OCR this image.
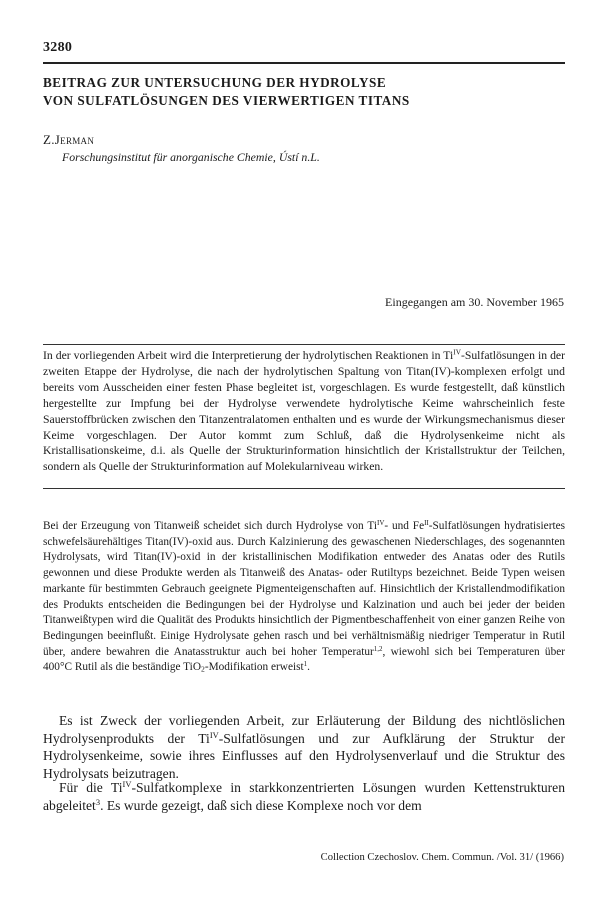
3280
BEITRAG ZUR UNTERSUCHUNG DER HYDROLYSE
VON SULFATLÖSUNGEN DES VIERWERTIGEN TITANS
Z.Jerman
Forschungsinstitut für anorganische Chemie, Ústí n.L.
Eingegangen am 30. November 1965
In der vorliegenden Arbeit wird die Interpretierung der hydrolytischen Reaktionen in $Ti^{IV}$-Sulfatlösungen in der zweiten Etappe der Hydrolyse, die nach der hydrolytischen Spaltung von Titan(IV)-komplexen erfolgt und bereits vom Ausscheiden einer festen Phase begleitet ist, vorgeschlagen. Es wurde festgestellt, daß künstlich hergestellte zur Impfung bei der Hydrolyse verwendete hydrolytische Keime wahrscheinlich feste Sauerstoffbrücken zwischen den Titanzentralatomen enthalten und es wurde der Wirkungsmechanismus dieser Keime vorgeschlagen. Der Autor kommt zum Schluß, daß die Hydrolysenkeime nicht als Kristallisationskeime, d.i. als Quelle der Strukturinformation hinsichtlich der Kristallstruktur der Teilchen, sondern als Quelle der Strukturinformation auf Molekularniveau wirken.
Bei der Erzeugung von Titanweiß scheidet sich durch Hydrolyse von $Ti^{IV}-$ und $Fe^{II}$-Sulfatlösungen hydratisiertes schwefelsäurehältiges Titan(IV)-oxid aus. Durch Kalzinierung des gewaschenen Niederschlages, des sogenannten Hydrolysats, wird Titan(IV)-oxid in der kristallinischen Modifikation entweder des Anatas oder des Rutils gewonnen und diese Produkte werden als Titanweiß des Anatas- oder Rutiltyps bezeichnet. Beide Typen weisen markante für bestimmten Gebrauch geeignete Pigmenteigenschaften auf. Hinsichtlich der Kristallendmodifikation des Produkts entscheiden die Bedingungen bei der Hydrolyse und Kalzination und auch bei jeder der beiden Titanweißtypen wird die Qualität des Produkts hinsichtlich der Pigmentbeschaffenheit von einer ganzen Reihe von Bedingungen beeinflußt. Einige Hydrolysate gehen rasch und bei verhältnismäßig niedriger Temperatur in Rutil über, andere bewahren die Anatasstruktur auch bei hoher Temperatur$^{1,2}$, wiewohl sich bei Temperaturen über 400°C Rutil als die beständige TiO$_2$-Modifikation erweist$^1$.
Es ist Zweck der vorliegenden Arbeit, zur Erläuterung der Bildung des nichtlöslichen Hydrolysenprodukts der $Ti^{IV}$-Sulfatlösungen und zur Aufklärung der Struktur der Hydrolysenkeime, sowie ihres Einflusses auf den Hydrolysenverlauf und die Struktur des Hydrolysats beizutragen.
Für die $Ti^{IV}$-Sulfatkomplexe in starkkonzentrierten Lösungen wurden Kettenstrukturen abgeleitet$^3$. Es wurde gezeigt, daß sich diese Komplexe noch vor dem
Collection Czechoslov. Chem. Commun. /Vol. 31/ (1966)
